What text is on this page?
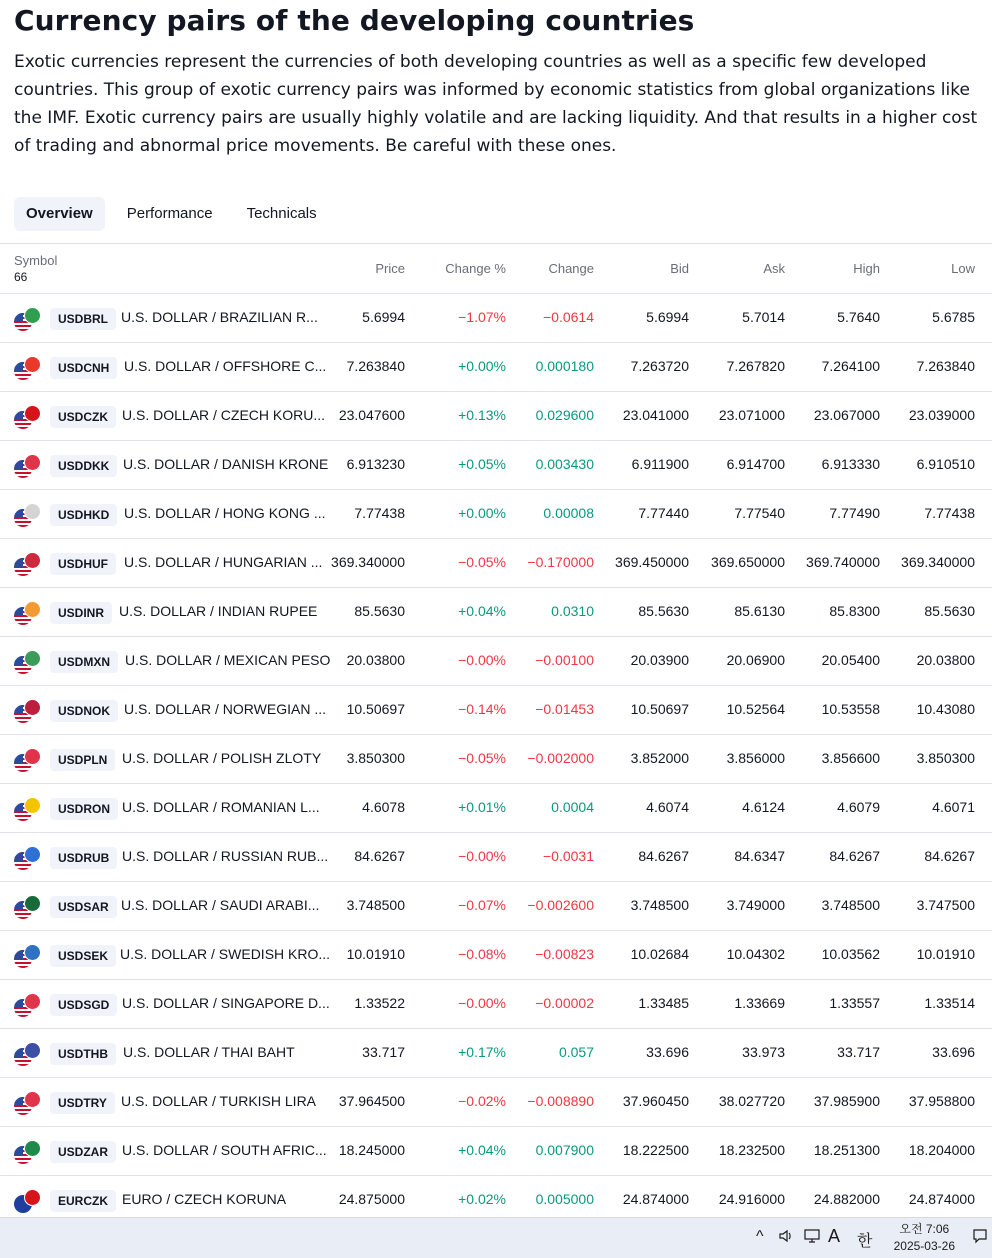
Currency pairs of the developing countries

Exotic currencies represent the currencies of both developing countries as well as a specific few developed countries. This group of exotic currency pairs was informed by economic statistics from global organizations like the IMF. Exotic currency pairs are usually highly volatile and are lacking liquidity. And that results in a higher cost of trading and abnormal price movements. Be careful with these ones.

Overview	Performance	Technicals
Symbol
66
Price	Change %	Change	Bid	Ask	High	Low
USDBRL U.S. DOLLAR / BRAZILIAN R...	5.6994	−1.07%	−0.0614	5.6994	5.7014	5.7640	5.6785
USDCNH	U.S. DOLLAR / OFFSHORE C... 7.263840	+0.00% 0.000180	7.263720	7.267820	7.264100	7.263840
USDCZK	U.S. DOLLAR / CZECH KORU... 23.047600	+0.13% 0.029600 23.041000 23.071000 23.067000 23.039000
USDDKK U.S. DOLLAR / DANISH KRONE 6.913230	+0.05% 0.003430	6.911900	6.914700	6.913330	6.910510
USDHKD	U.S. DOLLAR / HONG KONG ... 7.77438	+0.00%	0.00008	7.77440	7.77540	7.77490	7.77438
USDHUF	U.S. DOLLAR / HUNGARIAN ... 369.340000	−0.05% −0.170000 369.450000 369.650000 369.740000 369.340000
USDINR	U.S. DOLLAR / INDIAN RUPEE	85.5630	+0.04%	0.0310	85.5630	85.6130	85.8300	85.5630
USDMXN	U.S. DOLLAR / MEXICAN PESO 20.03800	−0.00% −0.00100	20.03900	20.06900	20.05400	20.03800
USDNOK U.S. DOLLAR / NORWEGIAN ... 10.50697	−0.14% −0.01453	10.50697	10.52564	10.53558	10.43080
USDPLN	U.S. DOLLAR / POLISH ZLOTY 3.850300	−0.05% −0.002000	3.852000	3.856000	3.856600	3.850300
USDRON U.S. DOLLAR / ROMANIAN L...	4.6078	+0.01%	0.0004	4.6074	4.6124	4.6079	4.6071
USDRUB U.S. DOLLAR / RUSSIAN RUB... 84.6267	−0.00%	−0.0031	84.6267	84.6347	84.6267	84.6267
USDSAR U.S. DOLLAR / SAUDI ARABI... 3.748500	−0.07% −0.002600	3.748500	3.749000	3.748500	3.747500
USDSEK U.S. DOLLAR / SWEDISH KRO... 10.01910	−0.08% −0.00823	10.02684	10.04302	10.03562	10.01910
USDSGD U.S. DOLLAR / SINGAPORE D... 1.33522	−0.00% −0.00002	1.33485	1.33669	1.33557	1.33514
USDTHB	U.S. DOLLAR / THAI BAHT	33.717	+0.17%	0.057	33.696	33.973	33.717	33.696
USDTRY	U.S. DOLLAR / TURKISH LIRA 37.964500	−0.02% −0.008890 37.960450 38.027720 37.985900 37.958800
USDZAR	U.S. DOLLAR / SOUTH AFRIC... 18.245000	+0.04% 0.007900 18.222500 18.232500 18.251300 18.204000
EURCZK	EURO / CZECH KORUNA	24.875000	+0.02% 0.005000 24.874000 24.916000 24.882000 24.874000
^	A 한
오전 7:06
2025-03-26
